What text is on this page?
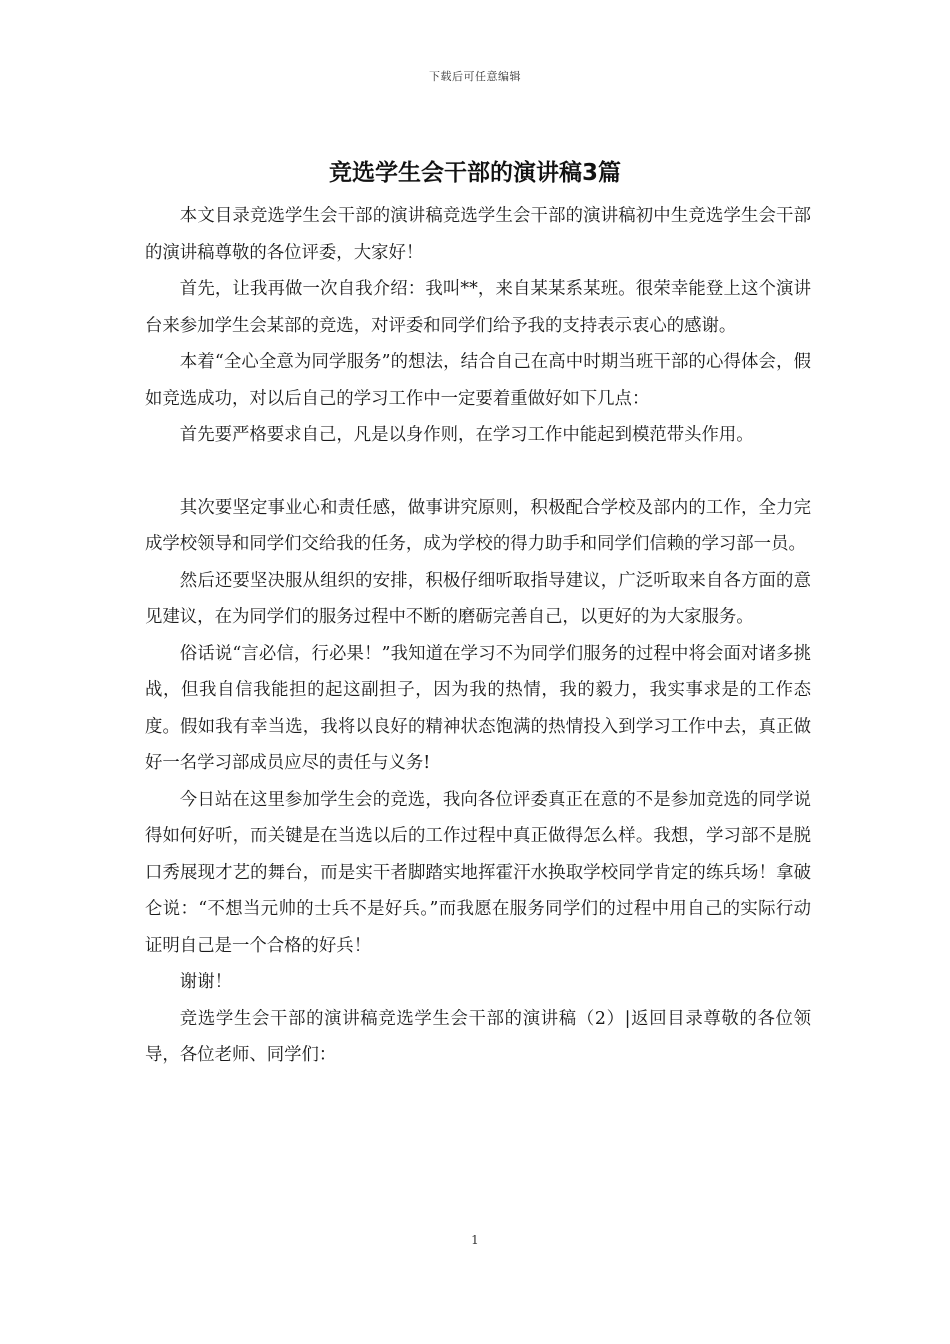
下载后可任意编辑
竞选学生会干部的演讲稿3篇

本文目录竞选学生会干部的演讲稿竞选学生会干部的演讲稿初中生竞选学生会干部的演讲稿尊敬的各位评委，大家好！

首先，让我再做一次自我介绍：我叫**，来自某某系某班。很荣幸能登上这个演讲台来参加学生会某部的竞选，对评委和同学们给予我的支持表示衷心的感谢。

本着“全心全意为同学服务”的想法，结合自己在高中时期当班干部的心得体会，假如竞选成功，对以后自己的学习工作中一定要着重做好如下几点：

首先要严格要求自己，凡是以身作则，在学习工作中能起到模范带头作用。

其次要坚定事业心和责任感，做事讲究原则，积极配合学校及部内的工作，全力完成学校领导和同学们交给我的任务，成为学校的得力助手和同学们信赖的学习部一员。

然后还要坚决服从组织的安排，积极仔细听取指导建议，广泛听取来自各方面的意见建议，在为同学们的服务过程中不断的磨砺完善自己，以更好的为大家服务。

俗话说“言必信，行必果！”我知道在学习不为同学们服务的过程中将会面对诸多挑战，但我自信我能担的起这副担子，因为我的热情，我的毅力，我实事求是的工作态度。假如我有幸当选，我将以良好的精神状态饱满的热情投入到学习工作中去，真正做好一名学习部成员应尽的责任与义务!

今日站在这里参加学生会的竞选，我向各位评委真正在意的不是参加竞选的同学说得如何好听，而关键是在当选以后的工作过程中真正做得怎么样。我想，学习部不是脱口秀展现才艺的舞台，而是实干者脚踏实地挥霍汗水换取学校同学肯定的练兵场！拿破仑说：“不想当元帅的士兵不是好兵。”而我愿在服务同学们的过程中用自己的实际行动证明自己是一个合格的好兵！

谢谢！

竞选学生会干部的演讲稿竞选学生会干部的演讲稿（2）|返回目录尊敬的各位领导，各位老师、同学们：

1
